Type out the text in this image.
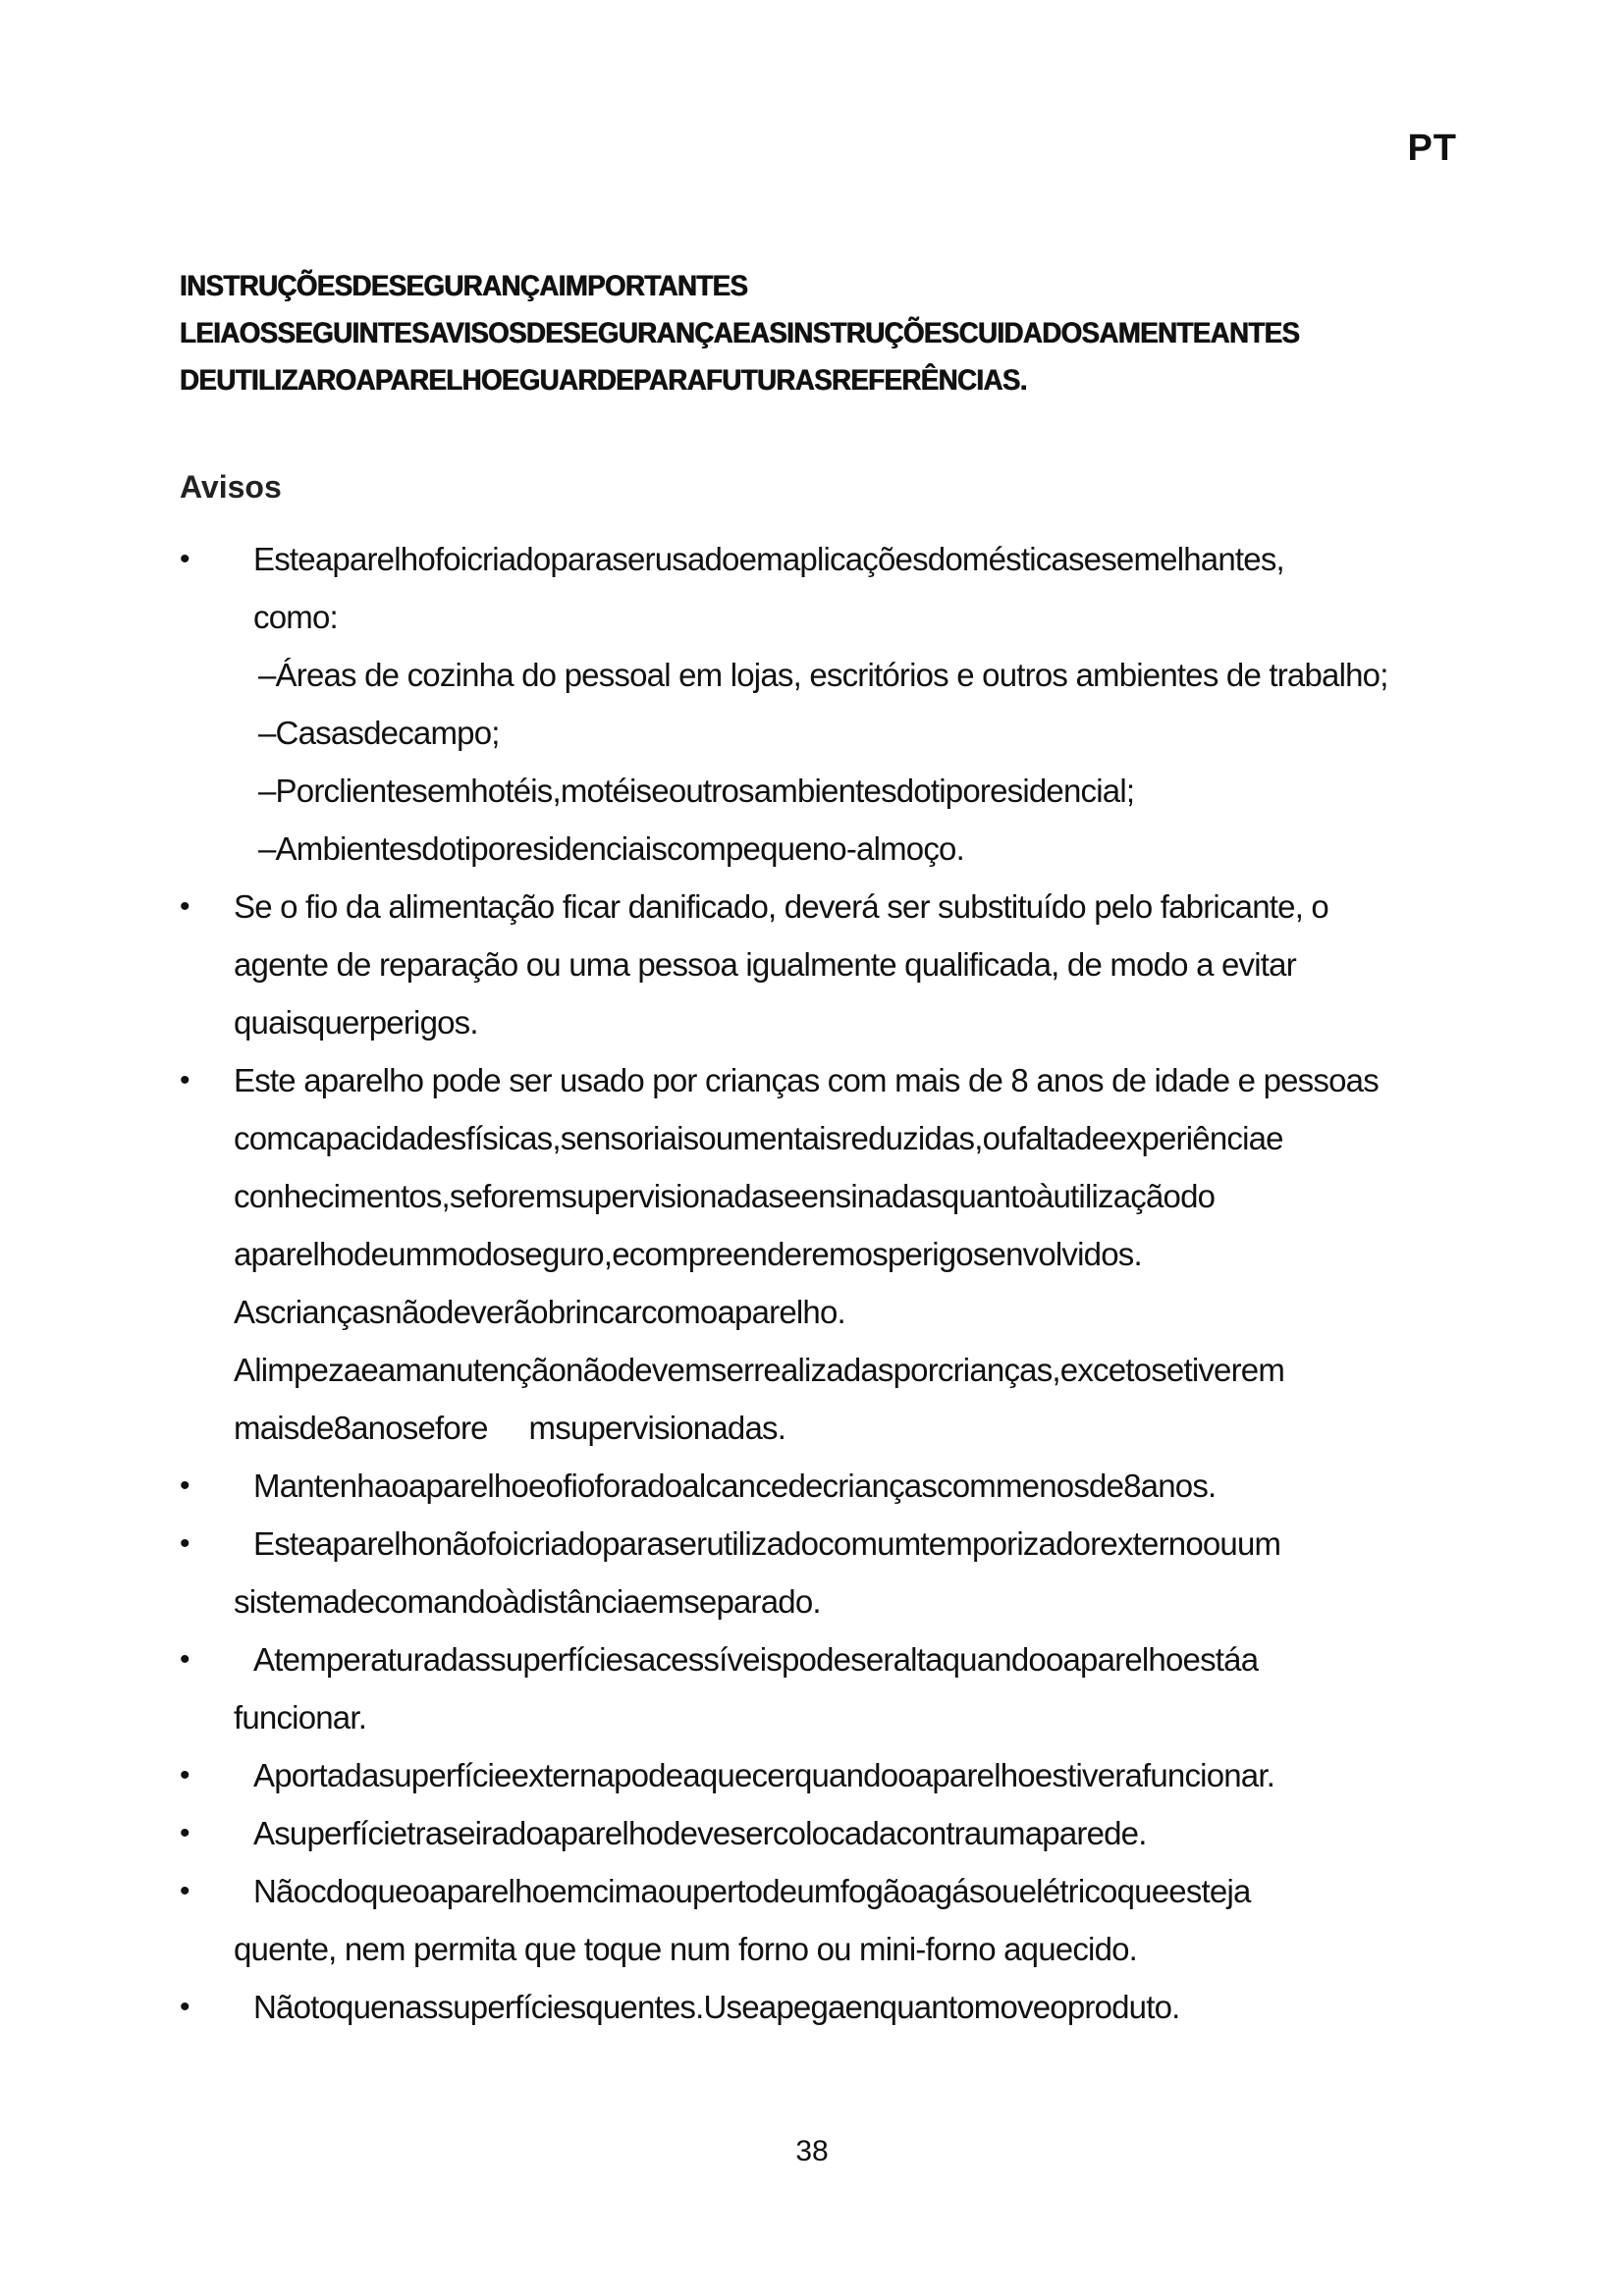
PT
INSTRUÇÕESDESEGURANÇAIMPORTANTES
LEIAOSSEGUINTESAVISOSDESEGURANÇAEASINSTRUÇÕESCUIDADOSAMENTEANTES
DEUTILIZAROAPARELHOEGUARDEPARAFUTURASREFERÊNCIAS.
Avisos
•	Esteaparelhofoicriadoparaserusadoemaplicaçõesdomésticasesemelhantes,
como:
–Áreas de cozinha do pessoal em lojas, escritórios e outros ambientes de trabalho;
–Casasdecampo;
–Porclientesemhotéis,motéiseoutrosambientesdotiporesidencial;
–Ambientesdotiporesidenciaiscompequeno-almoço.
• Se o fio da alimentação ficar danificado, deverá ser substituído pelo fabricante, o
agente de reparação ou uma pessoa igualmente qualificada, de modo a evitar
quaisquerperigos.
• Este aparelho pode ser usado por crianças com mais de 8 anos de idade e pessoas
comcapacidadesfísicas,sensoriaisoumentaisreduzidas,oufaltadeexperiênciae
conhecimentos,seforemsupervisionadaseensinadasquantoàutilizaçãodo
aparelhodeummodoseguro,ecompreenderemosperigosenvolvidos.
Ascriançasnãodeverãobrincarcomoaparelho.
Alimpezaeamanutençãonãodevemserrealizadasporcrianças,excetosetiverem
maisde8anosefore     msupervisionadas.
•	Mantenhaoaparelhoeofioforadoalcancedecriançascommenosde8anos.
•	Esteaparelhonãofoicriadoparaserutilizadocomumtemporizadorexternoouum
sistemadecomandoàdistânciaemseparado.
•	Atemperaturadassuperfíciesacessíveispodeseraltaquandooaparelhoestáa
funcionar.
•	Aportadasuperfícieexternapodeaquecerquandooaparelhoestiverafuncionar.
•	Asuperfícietraseiradoaparelhodevesercolocadacontraumaparede.
•	Nãocdoqueoaparelhoemcimaoupertodeumfogãoagásouelétricoqueesteja
quente, nem permita que toque num forno ou mini-forno aquecido.
•	Nãotoquenassuperfíciesquentes.Useapegaenquantomoveoproduto.
38
